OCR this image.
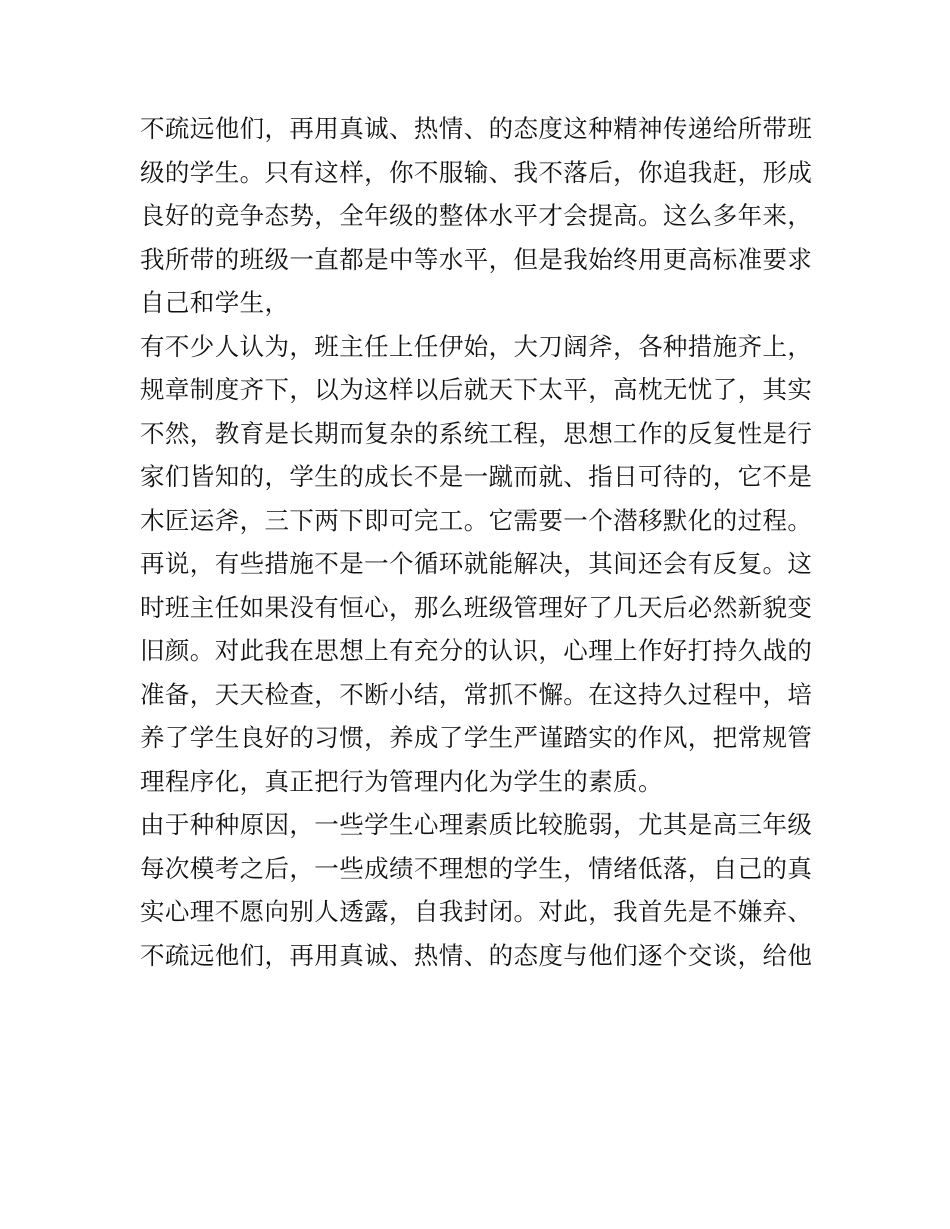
不疏远他们，再用真诚、热情、的态度这种精神传递给所带班
级的学生。只有这样，你不服输、我不落后，你追我赶，形成
良好的竞争态势，全年级的整体水平才会提高。这么多年来，
我所带的班级一直都是中等水平，但是我始终用更高标准要求
自己和学生，
有不少人认为，班主任上任伊始，大刀阔斧，各种措施齐上，
规章制度齐下，以为这样以后就天下太平，高枕无忧了，其实
不然，教育是长期而复杂的系统工程，思想工作的反复性是行
家们皆知的，学生的成长不是一蹴而就、指日可待的，它不是
木匠运斧，三下两下即可完工。它需要一个潜移默化的过程。
再说，有些措施不是一个循环就能解决，其间还会有反复。这
时班主任如果没有恒心，那么班级管理好了几天后必然新貌变
旧颜。对此我在思想上有充分的认识，心理上作好打持久战的
准备，天天检查，不断小结，常抓不懈。在这持久过程中，培
养了学生良好的习惯，养成了学生严谨踏实的作风，把常规管
理程序化，真正把行为管理内化为学生的素质。
由于种种原因，一些学生心理素质比较脆弱，尤其是高三年级
每次模考之后，一些成绩不理想的学生，情绪低落，自己的真
实心理不愿向别人透露，自我封闭。对此，我首先是不嫌弃、
不疏远他们，再用真诚、热情、的态度与他们逐个交谈，给他
